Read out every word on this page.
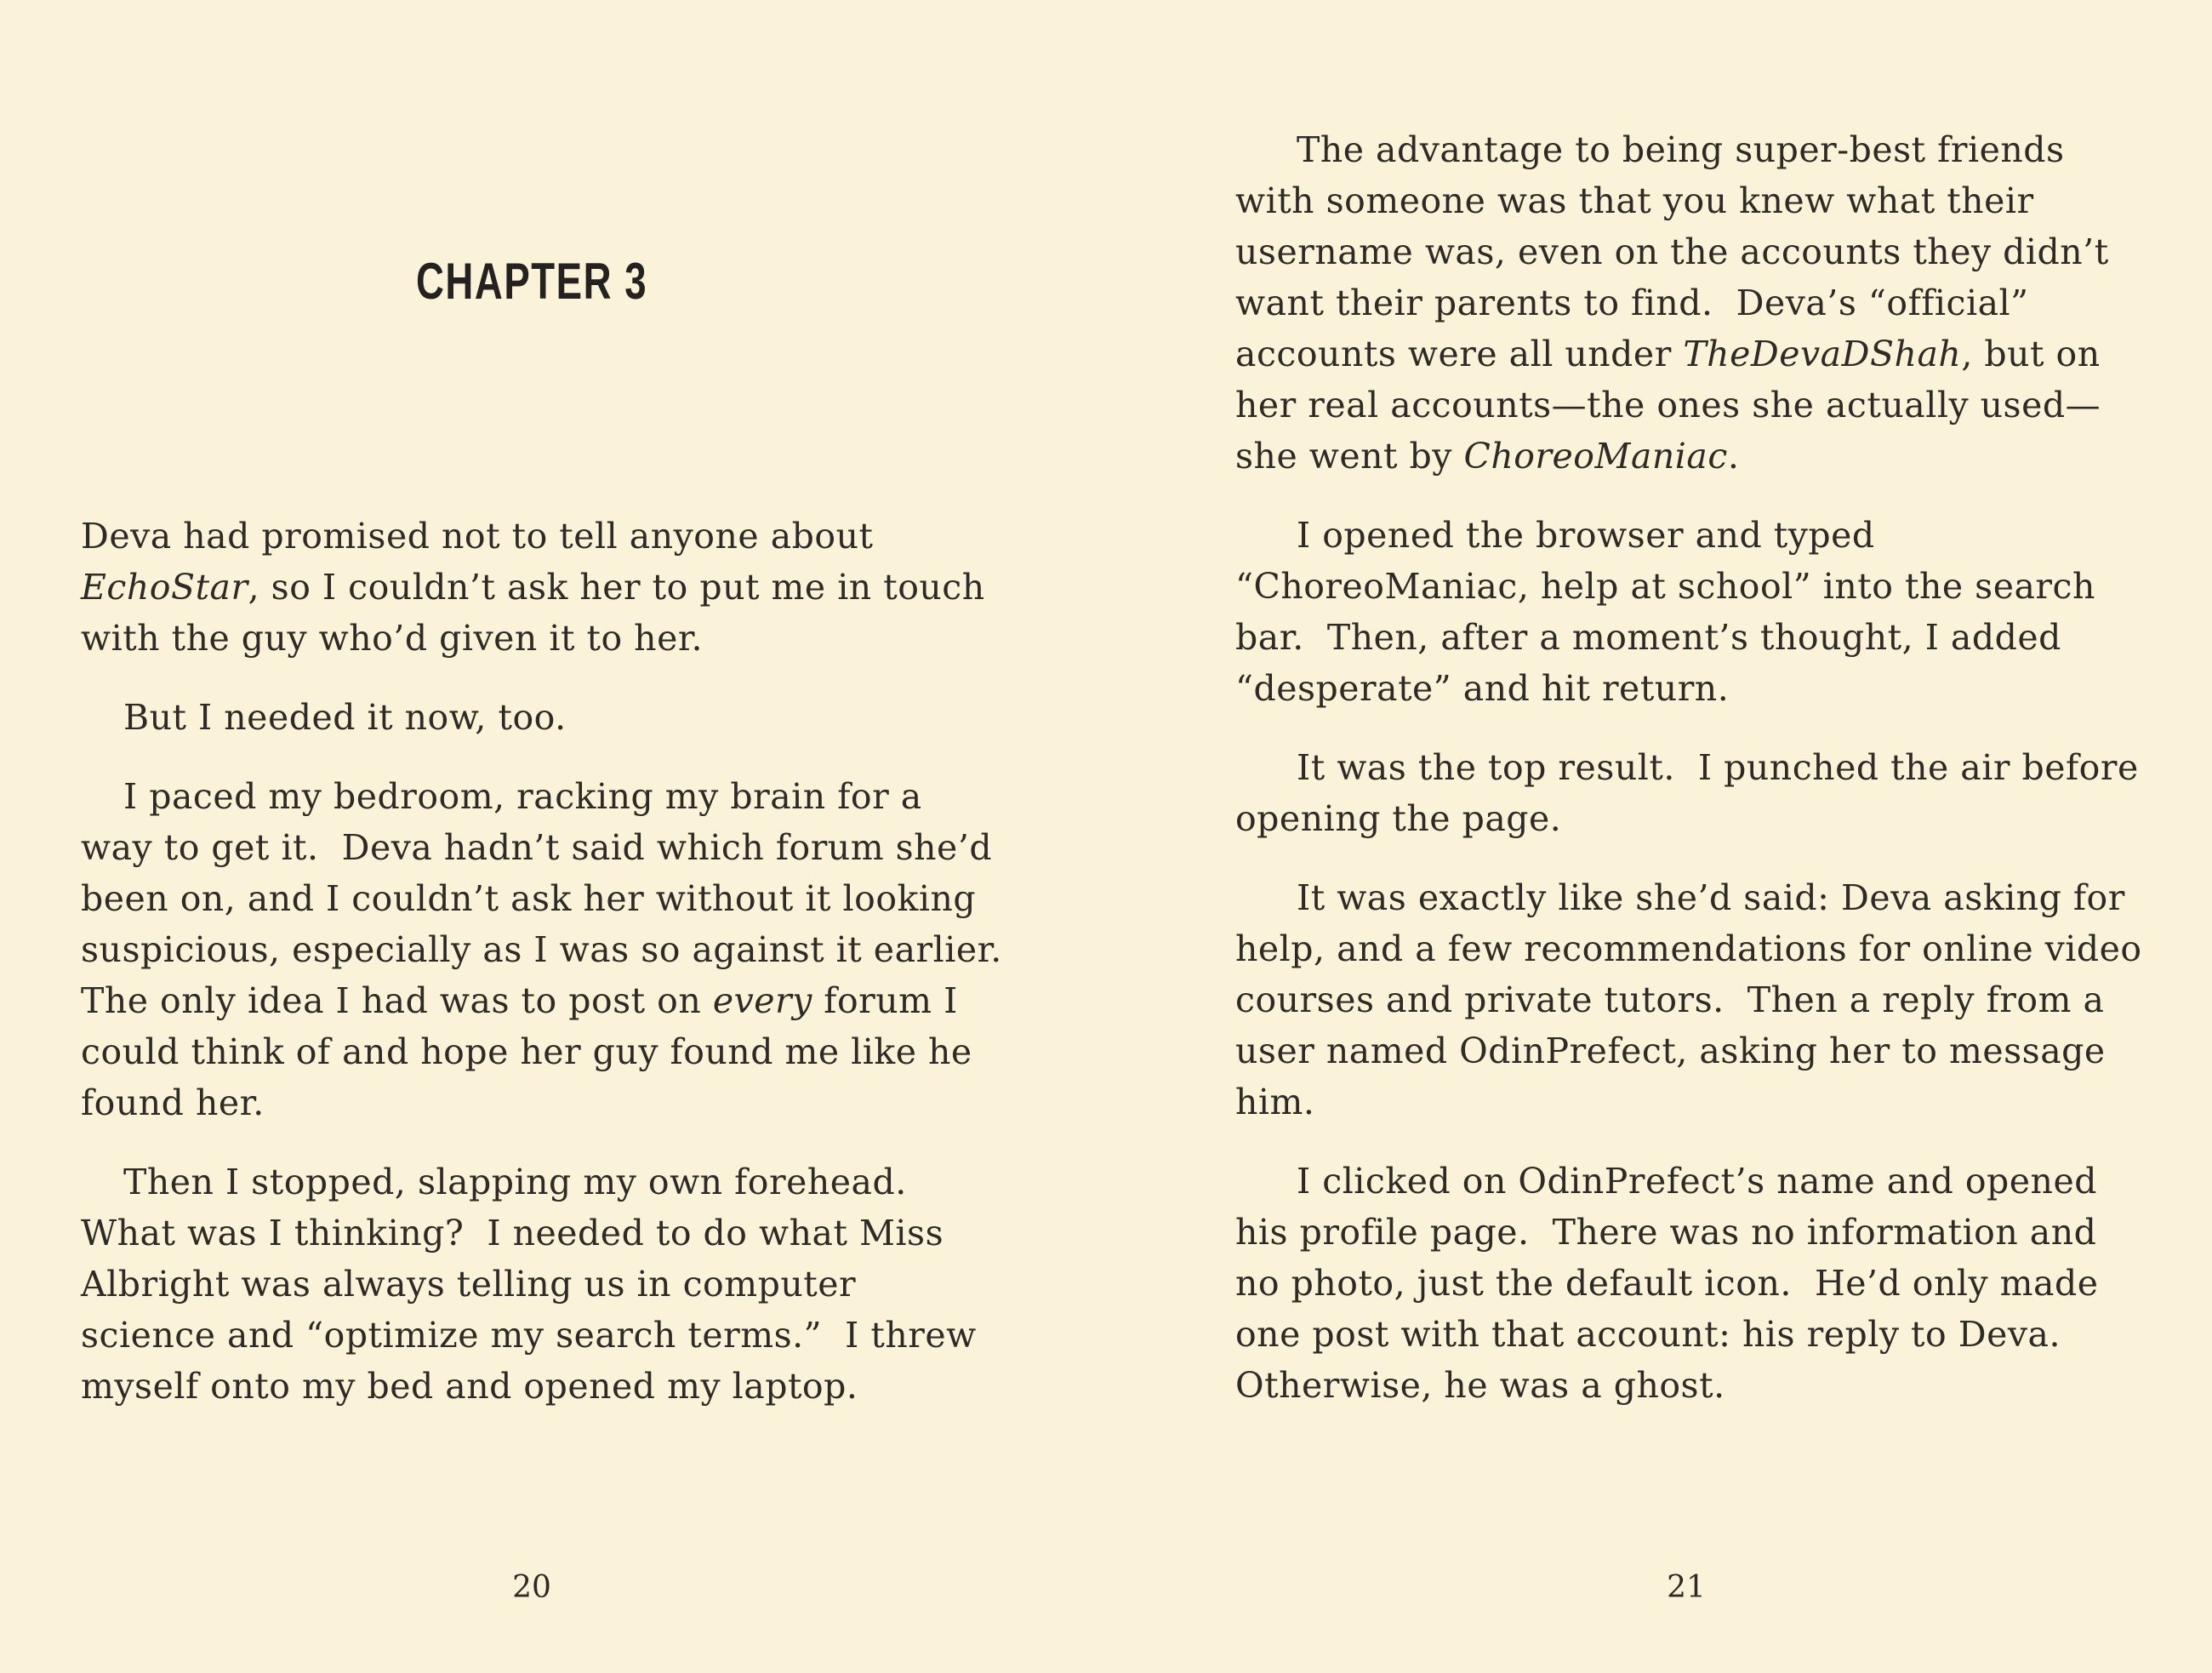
CHAPTER 3

Deva had promised not to tell anyone about
EchoStar, so I couldn’t ask her to put me in touch
with the guy who’d given it to her.

But I needed it now, too.

I paced my bedroom, racking my brain for a
way to get it.  Deva hadn’t said which forum she’d
been on, and I couldn’t ask her without it looking
suspicious, especially as I was so against it earlier.
The only idea I had was to post on every forum I
could think of and hope her guy found me like he
found her.

Then I stopped, slapping my own forehead.
What was I thinking?  I needed to do what Miss
Albright was always telling us in computer
science and “optimize my search terms.”  I threw
myself onto my bed and opened my laptop.

20

The advantage to being super-best friends
with someone was that you knew what their
username was, even on the accounts they didn’t
want their parents to find.  Deva’s “official”
accounts were all under TheDevaDShah, but on
her real accounts—the ones she actually used—
she went by ChoreoManiac.

I opened the browser and typed
“ChoreoManiac, help at school” into the search
bar.  Then, after a moment’s thought, I added
“desperate” and hit return.

It was the top result.  I punched the air before
opening the page.

It was exactly like she’d said: Deva asking for
help, and a few recommendations for online video
courses and private tutors.  Then a reply from a
user named OdinPrefect, asking her to message
him.

I clicked on OdinPrefect’s name and opened
his profile page.  There was no information and
no photo, just the default icon.  He’d only made
one post with that account: his reply to Deva.
Otherwise, he was a ghost.

21
